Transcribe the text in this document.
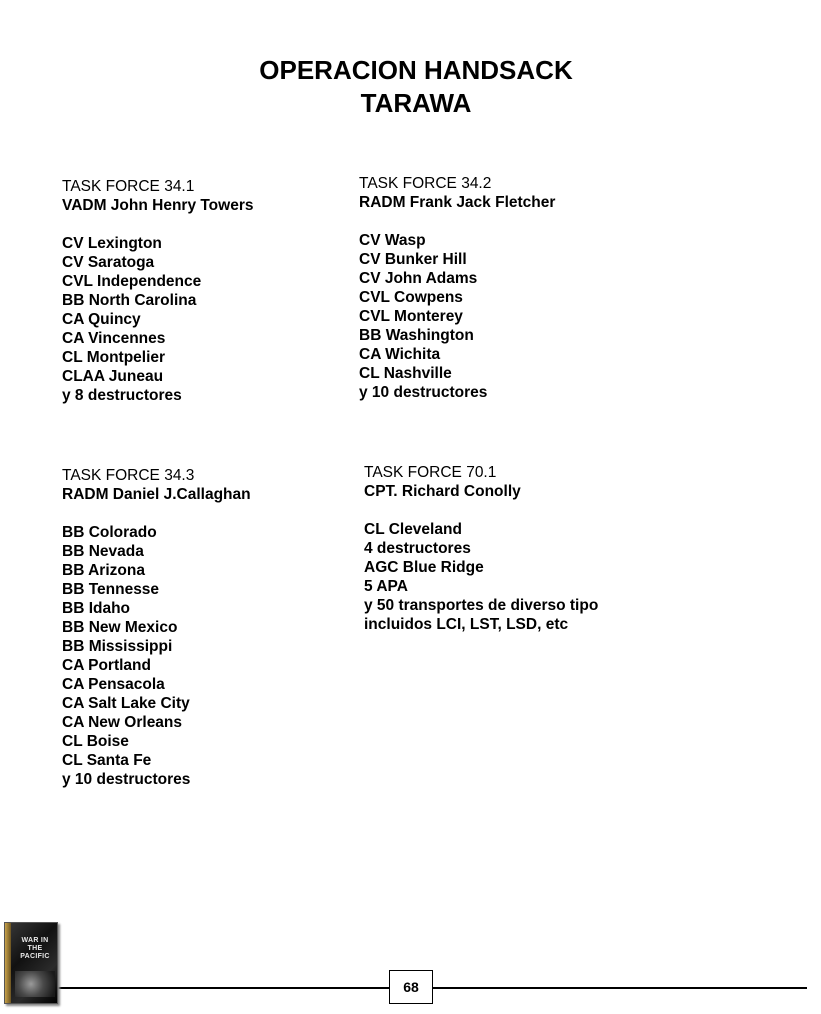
OPERACION HANDSACK
TARAWA
TASK FORCE 34.1
VADM John Henry Towers
CV Lexington
CV Saratoga
CVL Independence
BB North Carolina
CA Quincy
CA Vincennes
CL Montpelier
CLAA Juneau
y 8 destructores
TASK FORCE 34.2
RADM Frank Jack Fletcher
CV Wasp
CV Bunker Hill
CV John Adams
CVL Cowpens
CVL Monterey
BB Washington
CA Wichita
CL Nashville
y 10 destructores
TASK FORCE 34.3
RADM Daniel J.Callaghan
BB Colorado
BB Nevada
BB Arizona
BB Tennesse
BB Idaho
BB New Mexico
BB Mississippi
CA Portland
CA Pensacola
CA Salt Lake City
CA New Orleans
CL Boise
CL Santa Fe
y 10 destructores
TASK FORCE 70.1
CPT. Richard Conolly
CL Cleveland
4 destructores
AGC Blue Ridge
5 APA
y 50 transportes de diverso tipo
incluidos LCI, LST, LSD, etc
68
WAR IN THE PACIFIC
